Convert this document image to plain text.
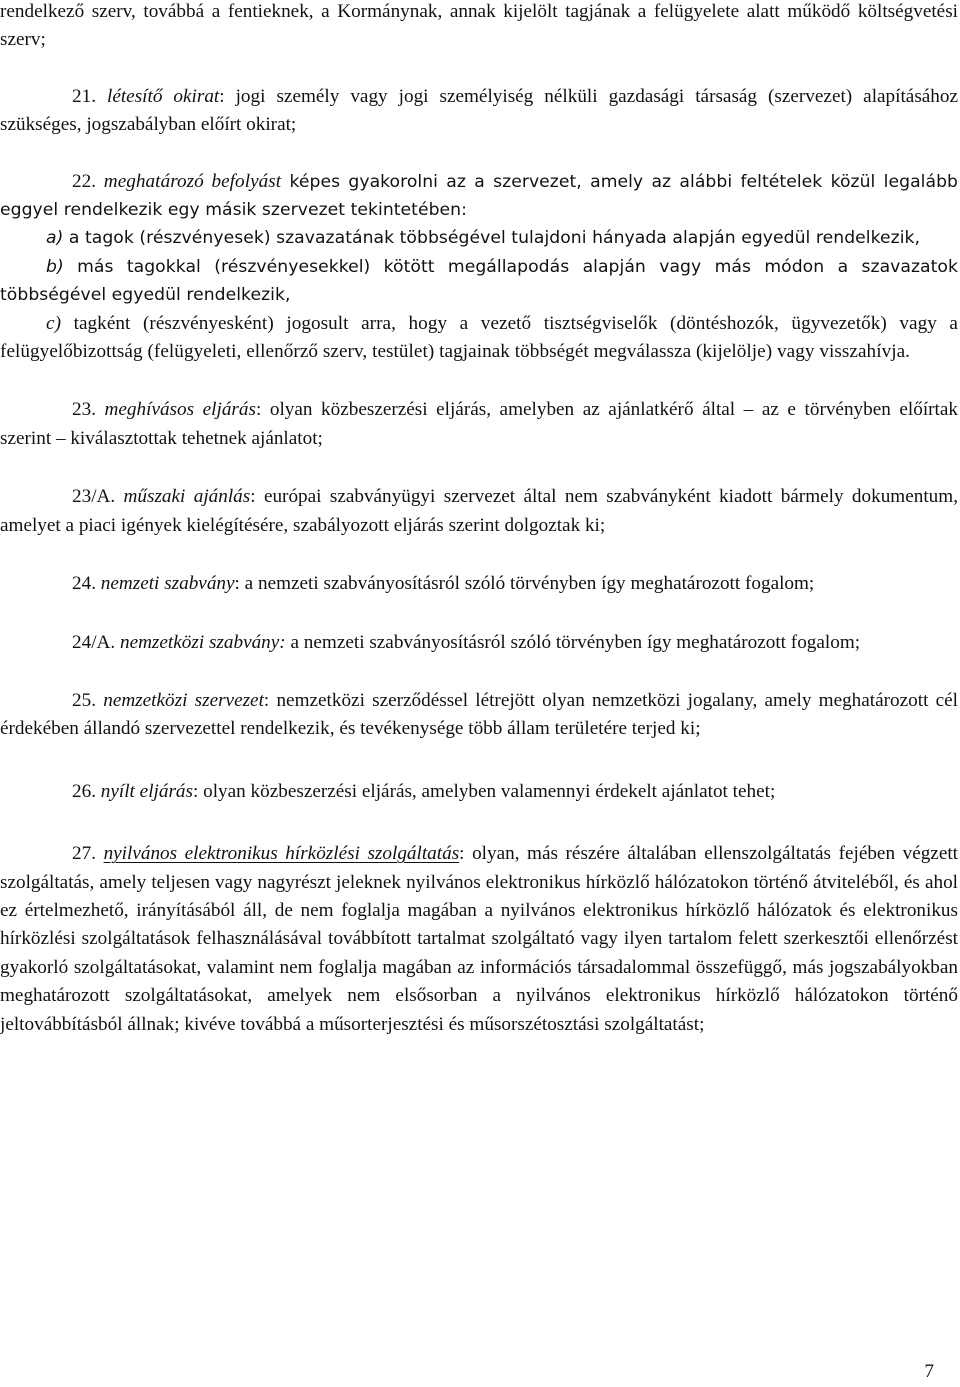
rendelkező szerv, továbbá a fentieknek, a Kormánynak, annak kijelölt tagjának a felügyelete alatt működő költségvetési szerv;

21. létesítő okirat: jogi személy vagy jogi személyiség nélküli gazdasági társaság (szervezet) alapításához szükséges, jogszabályban előírt okirat;

22. meghatározó befolyást képes gyakorolni az a szervezet, amely az alábbi feltételek közül legalább eggyel rendelkezik egy másik szervezet tekintetében:

a) a tagok (részvényesek) szavazatának többségével tulajdoni hányada alapján egyedül rendelkezik,

b) más tagokkal (részvényesekkel) kötött megállapodás alapján vagy más módon a szavazatok többségével egyedül rendelkezik,

c) tagként (részvényesként) jogosult arra, hogy a vezető tisztségviselők (döntéshozók, ügyvezetők) vagy a felügyelőbizottság (felügyeleti, ellenőrző szerv, testület) tagjainak többségét megválassza (kijelölje) vagy visszahívja.

23. meghívásos eljárás: olyan közbeszerzési eljárás, amelyben az ajánlatkérő által – az e törvényben előírtak szerint – kiválasztottak tehetnek ajánlatot;

23/A. műszaki ajánlás: európai szabványügyi szervezet által nem szabványként kiadott bármely dokumentum, amelyet a piaci igények kielégítésére, szabályozott eljárás szerint dolgoztak ki;

24. nemzeti szabvány: a nemzeti szabványosításról szóló törvényben így meghatározott fogalom;

24/A. nemzetközi szabvány: a nemzeti szabványosításról szóló törvényben így meghatározott fogalom;

25. nemzetközi szervezet: nemzetközi szerződéssel létrejött olyan nemzetközi jogalany, amely meghatározott cél érdekében állandó szervezettel rendelkezik, és tevékenysége több állam területére terjed ki;

26. nyílt eljárás: olyan közbeszerzési eljárás, amelyben valamennyi érdekelt ajánlatot tehet;

27. nyilvános elektronikus hírközlési szolgáltatás: olyan, más részére általában ellenszolgáltatás fejében végzett szolgáltatás, amely teljesen vagy nagyrészt jeleknek nyilvános elektronikus hírközlő hálózatokon történő átviteléből, és ahol ez értelmezhető, irányításából áll, de nem foglalja magában a nyilvános elektronikus hírközlő hálózatok és elektronikus hírközlési szolgáltatások felhasználásával továbbított tartalmat szolgáltató vagy ilyen tartalom felett szerkesztői ellenőrzést gyakorló szolgáltatásokat, valamint nem foglalja magában az információs társadalommal összefüggő, más jogszabályokban meghatározott szolgáltatásokat, amelyek nem elsősorban a nyilvános elektronikus hírközlő hálózatokon történő jeltovábbításból állnak; kivéve továbbá a műsorterjesztési és műsorszétosztási szolgáltatást;

7
